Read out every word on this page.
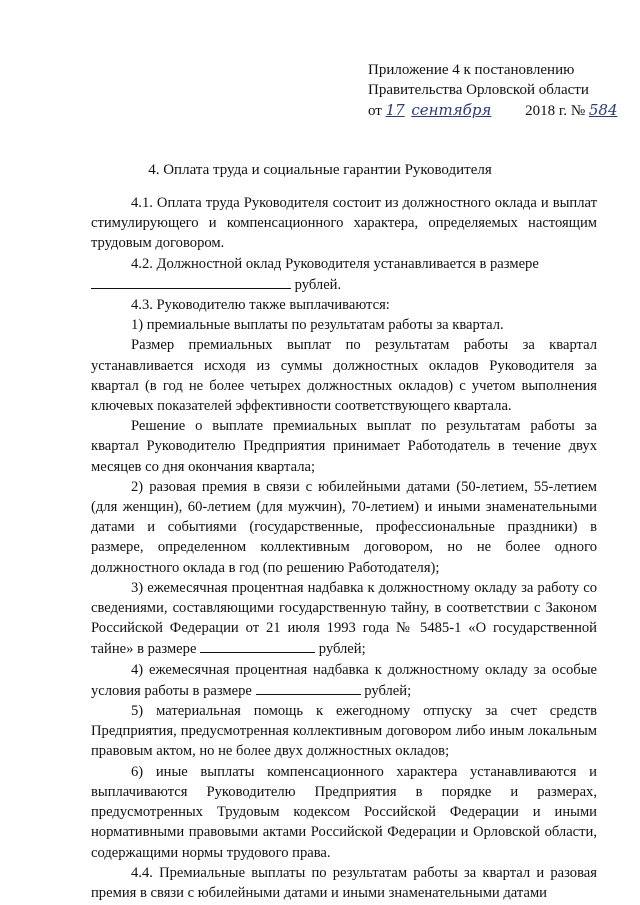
Приложение 4 к постановлению
Правительства Орловской области
от 17 сентября 2018 г. № 584
4. Оплата труда и социальные гарантии Руководителя

4.1. Оплата труда Руководителя состоит из должностного оклада и выплат стимулирующего и компенсационного характера, определяемых настоящим трудовым договором.

4.2. Должностной оклад Руководителя устанавливается в размере

рублей.

4.3. Руководителю также выплачиваются:

1) премиальные выплаты по результатам работы за квартал.

Размер премиальных выплат по результатам работы за квартал устанавливается исходя из суммы должностных окладов Руководителя за квартал (в год не более четырех должностных окладов) с учетом выполнения ключевых показателей эффективности соответствующего квартала.

Решение о выплате премиальных выплат по результатам работы за квартал Руководителю Предприятия принимает Работодатель в течение двух месяцев со дня окончания квартала;

2) разовая премия в связи с юбилейными датами (50-летием, 55-летием (для женщин), 60-летием (для мужчин), 70-летием) и иными знаменательными датами и событиями (государственные, профессиональные праздники) в размере, определенном коллективным договором, но не более одного должностного оклада в год (по решению Работодателя);

3) ежемесячная процентная надбавка к должностному окладу за работу со сведениями, составляющими государственную тайну, в соответствии с Законом Российской Федерации от 21 июля 1993 года № 5485-1 «О государственной тайне» в размере	рублей;

4) ежемесячная процентная надбавка к должностному окладу за особые условия работы в размере	рублей;

5) материальная помощь к ежегодному отпуску за счет средств Предприятия, предусмотренная коллективным договором либо иным локальным правовым актом, но не более двух должностных окладов;

6) иные выплаты компенсационного характера устанавливаются и выплачиваются Руководителю Предприятия в порядке и размерах, предусмотренных Трудовым кодексом Российской Федерации и иными нормативными правовыми актами Российской Федерации и Орловской области, содержащими нормы трудового права.

4.4. Премиальные выплаты по результатам работы за квартал и разовая премия в связи с юбилейными датами и иными знаменательными датами
